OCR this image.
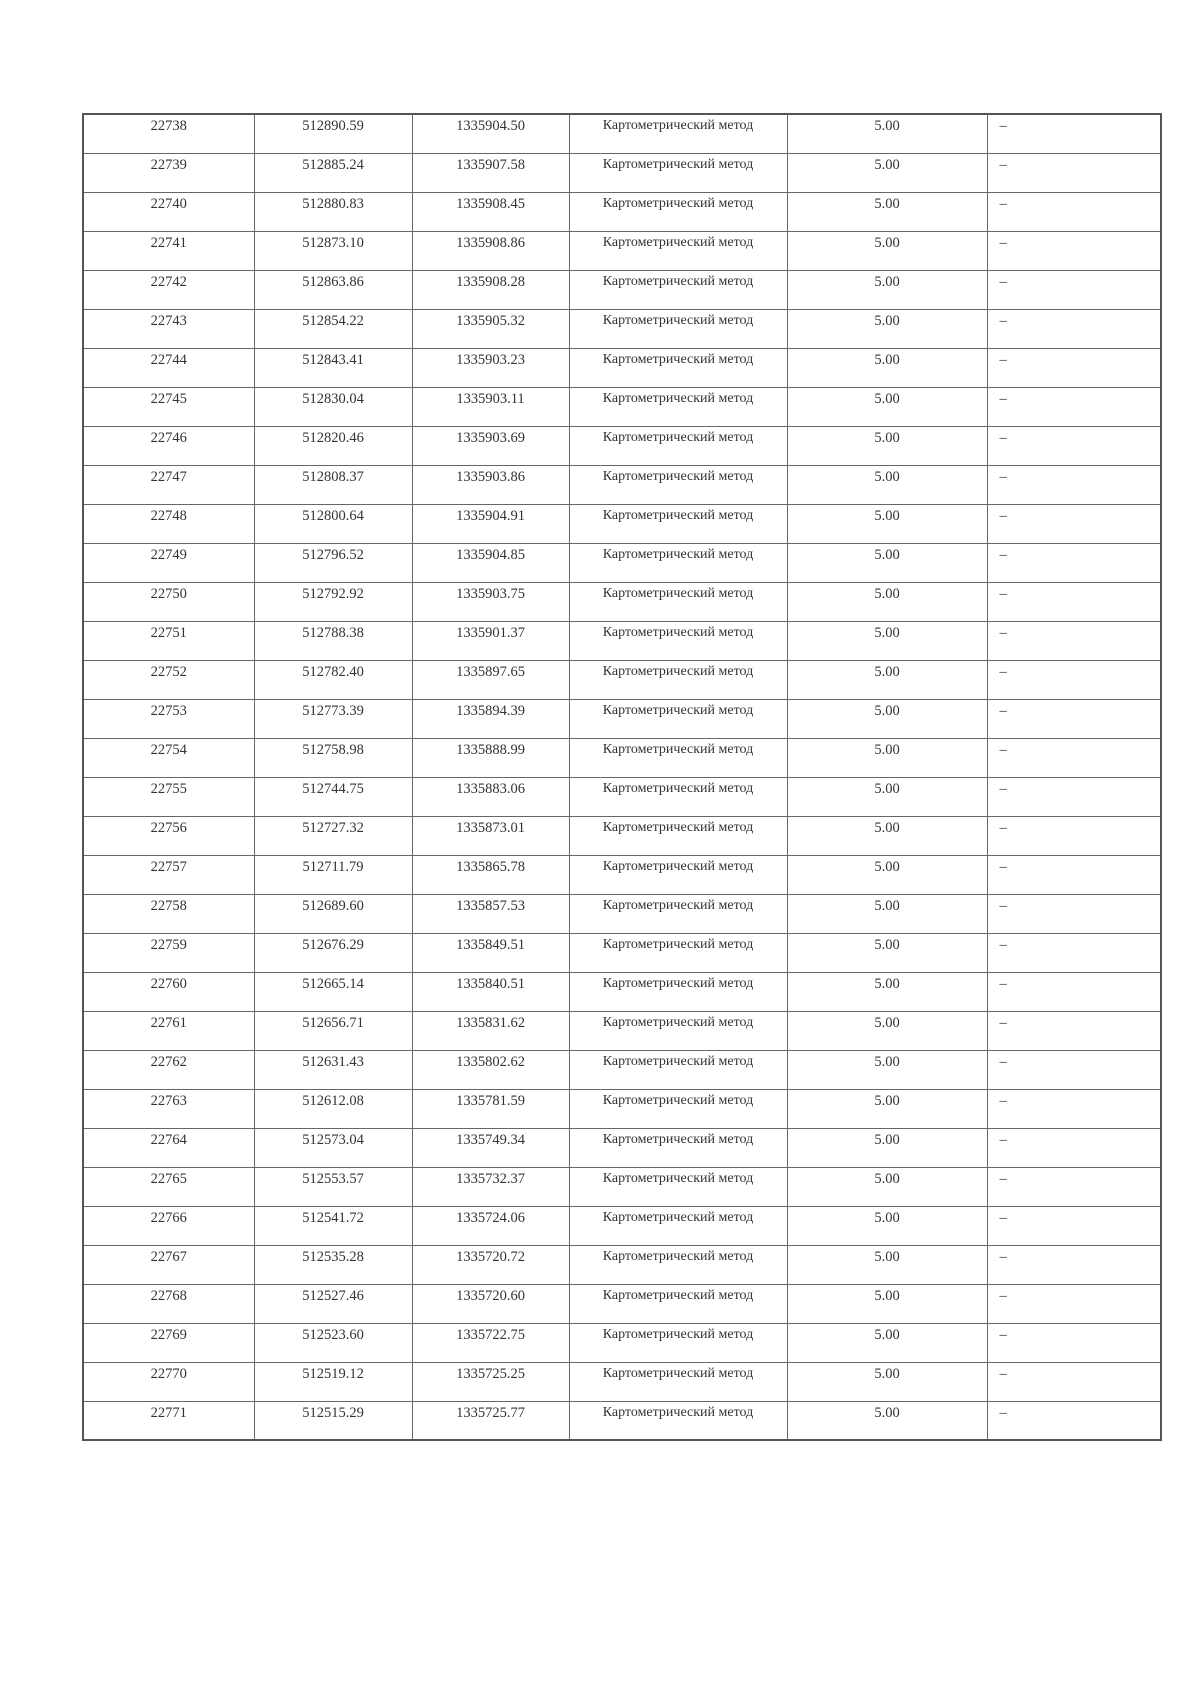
22738	512890.59	1335904.50	Картометрический метод	5.00	–
22739	512885.24	1335907.58	Картометрический метод	5.00	–
22740	512880.83	1335908.45	Картометрический метод	5.00	–
22741	512873.10	1335908.86	Картометрический метод	5.00	–
22742	512863.86	1335908.28	Картометрический метод	5.00	–
22743	512854.22	1335905.32	Картометрический метод	5.00	–
22744	512843.41	1335903.23	Картометрический метод	5.00	–
22745	512830.04	1335903.11	Картометрический метод	5.00	–
22746	512820.46	1335903.69	Картометрический метод	5.00	–
22747	512808.37	1335903.86	Картометрический метод	5.00	–
22748	512800.64	1335904.91	Картометрический метод	5.00	–
22749	512796.52	1335904.85	Картометрический метод	5.00	–
22750	512792.92	1335903.75	Картометрический метод	5.00	–
22751	512788.38	1335901.37	Картометрический метод	5.00	–
22752	512782.40	1335897.65	Картометрический метод	5.00	–
22753	512773.39	1335894.39	Картометрический метод	5.00	–
22754	512758.98	1335888.99	Картометрический метод	5.00	–
22755	512744.75	1335883.06	Картометрический метод	5.00	–
22756	512727.32	1335873.01	Картометрический метод	5.00	–
22757	512711.79	1335865.78	Картометрический метод	5.00	–
22758	512689.60	1335857.53	Картометрический метод	5.00	–
22759	512676.29	1335849.51	Картометрический метод	5.00	–
22760	512665.14	1335840.51	Картометрический метод	5.00	–
22761	512656.71	1335831.62	Картометрический метод	5.00	–
22762	512631.43	1335802.62	Картометрический метод	5.00	–
22763	512612.08	1335781.59	Картометрический метод	5.00	–
22764	512573.04	1335749.34	Картометрический метод	5.00	–
22765	512553.57	1335732.37	Картометрический метод	5.00	–
22766	512541.72	1335724.06	Картометрический метод	5.00	–
22767	512535.28	1335720.72	Картометрический метод	5.00	–
22768	512527.46	1335720.60	Картометрический метод	5.00	–
22769	512523.60	1335722.75	Картометрический метод	5.00	–
22770	512519.12	1335725.25	Картометрический метод	5.00	–
22771	512515.29	1335725.77	Картометрический метод	5.00	–
